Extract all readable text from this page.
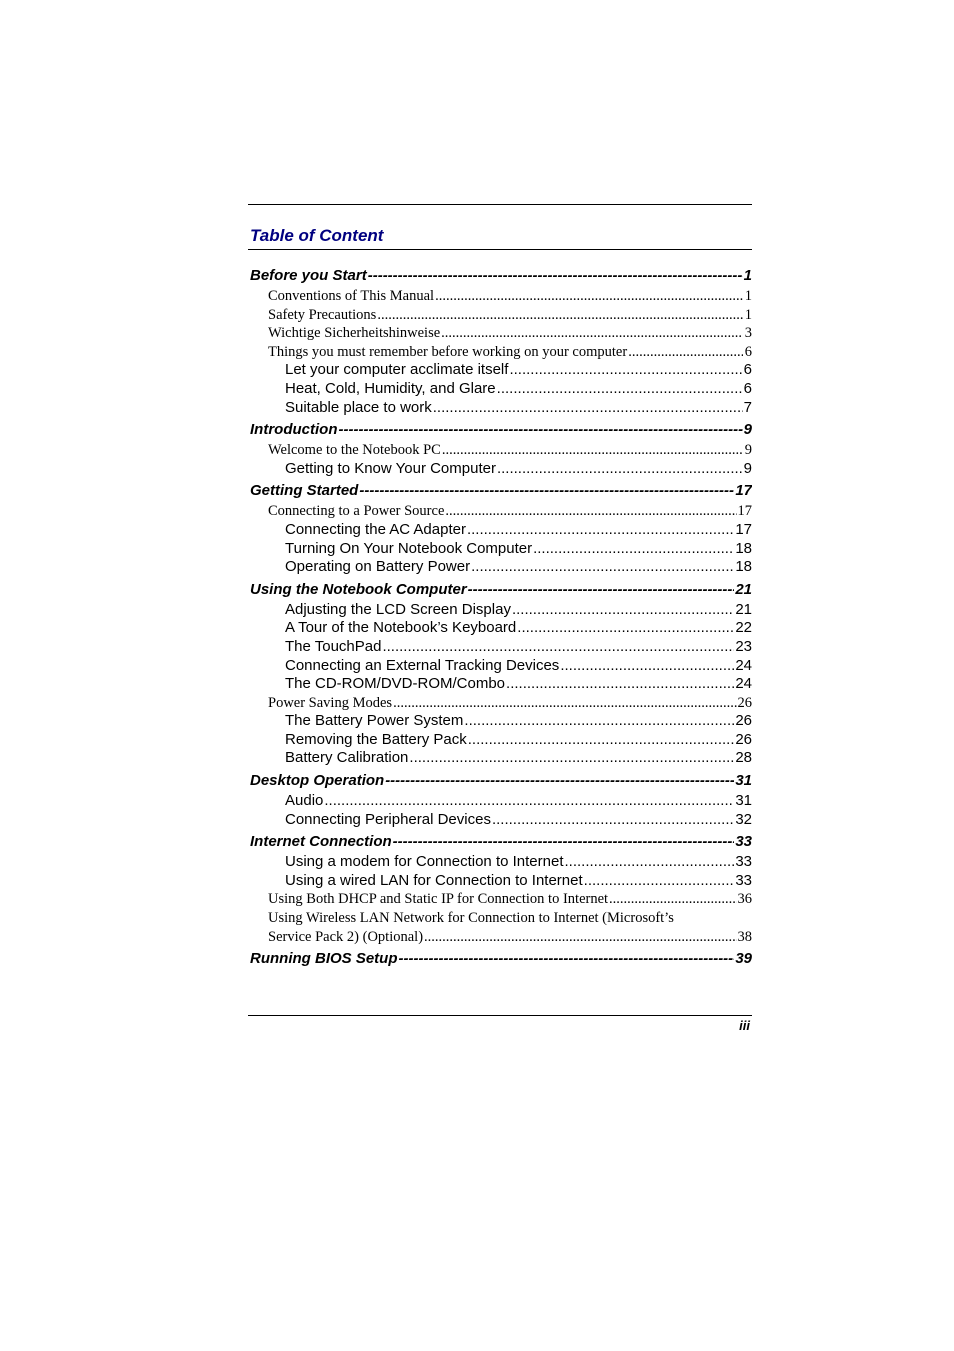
Table of Content
Before you Start -----	1
Conventions of This Manual .....	1
Safety Precautions .....	1
Wichtige Sicherheitshinweise .....	3
Things you must remember before working on your computer .....	6
Let your computer acclimate itself .....	6
Heat, Cold, Humidity, and Glare .....	6
Suitable place to work .....	7
Introduction -----	9
Welcome to the Notebook PC .....	9
Getting to Know Your Computer .....	9
Getting Started -----	17
Connecting to a Power Source .....	17
Connecting the AC Adapter .....	17
Turning On Your Notebook Computer .....	18
Operating on Battery Power .....	18
Using the Notebook Computer -----	21
Adjusting the LCD Screen Display .....	21
A Tour of the Notebook’s Keyboard .....	22
The TouchPad .....	23
Connecting an External Tracking Devices .....	24
The CD-ROM/DVD-ROM/Combo .....	24
Power Saving Modes .....	26
The Battery Power System .....	26
Removing the Battery Pack .....	26
Battery Calibration .....	28
Desktop Operation -----	31
Audio .....	31
Connecting Peripheral Devices .....	32
Internet Connection -----	33
Using a modem for Connection to Internet .....	33
Using a wired LAN for Connection to Internet .....	33
Using Both DHCP and Static IP for Connection to Internet .....	36
Using Wireless LAN Network for Connection to Internet (Microsoft’s
Service Pack 2) (Optional) .....	38
Running BIOS Setup -----	39
iii
